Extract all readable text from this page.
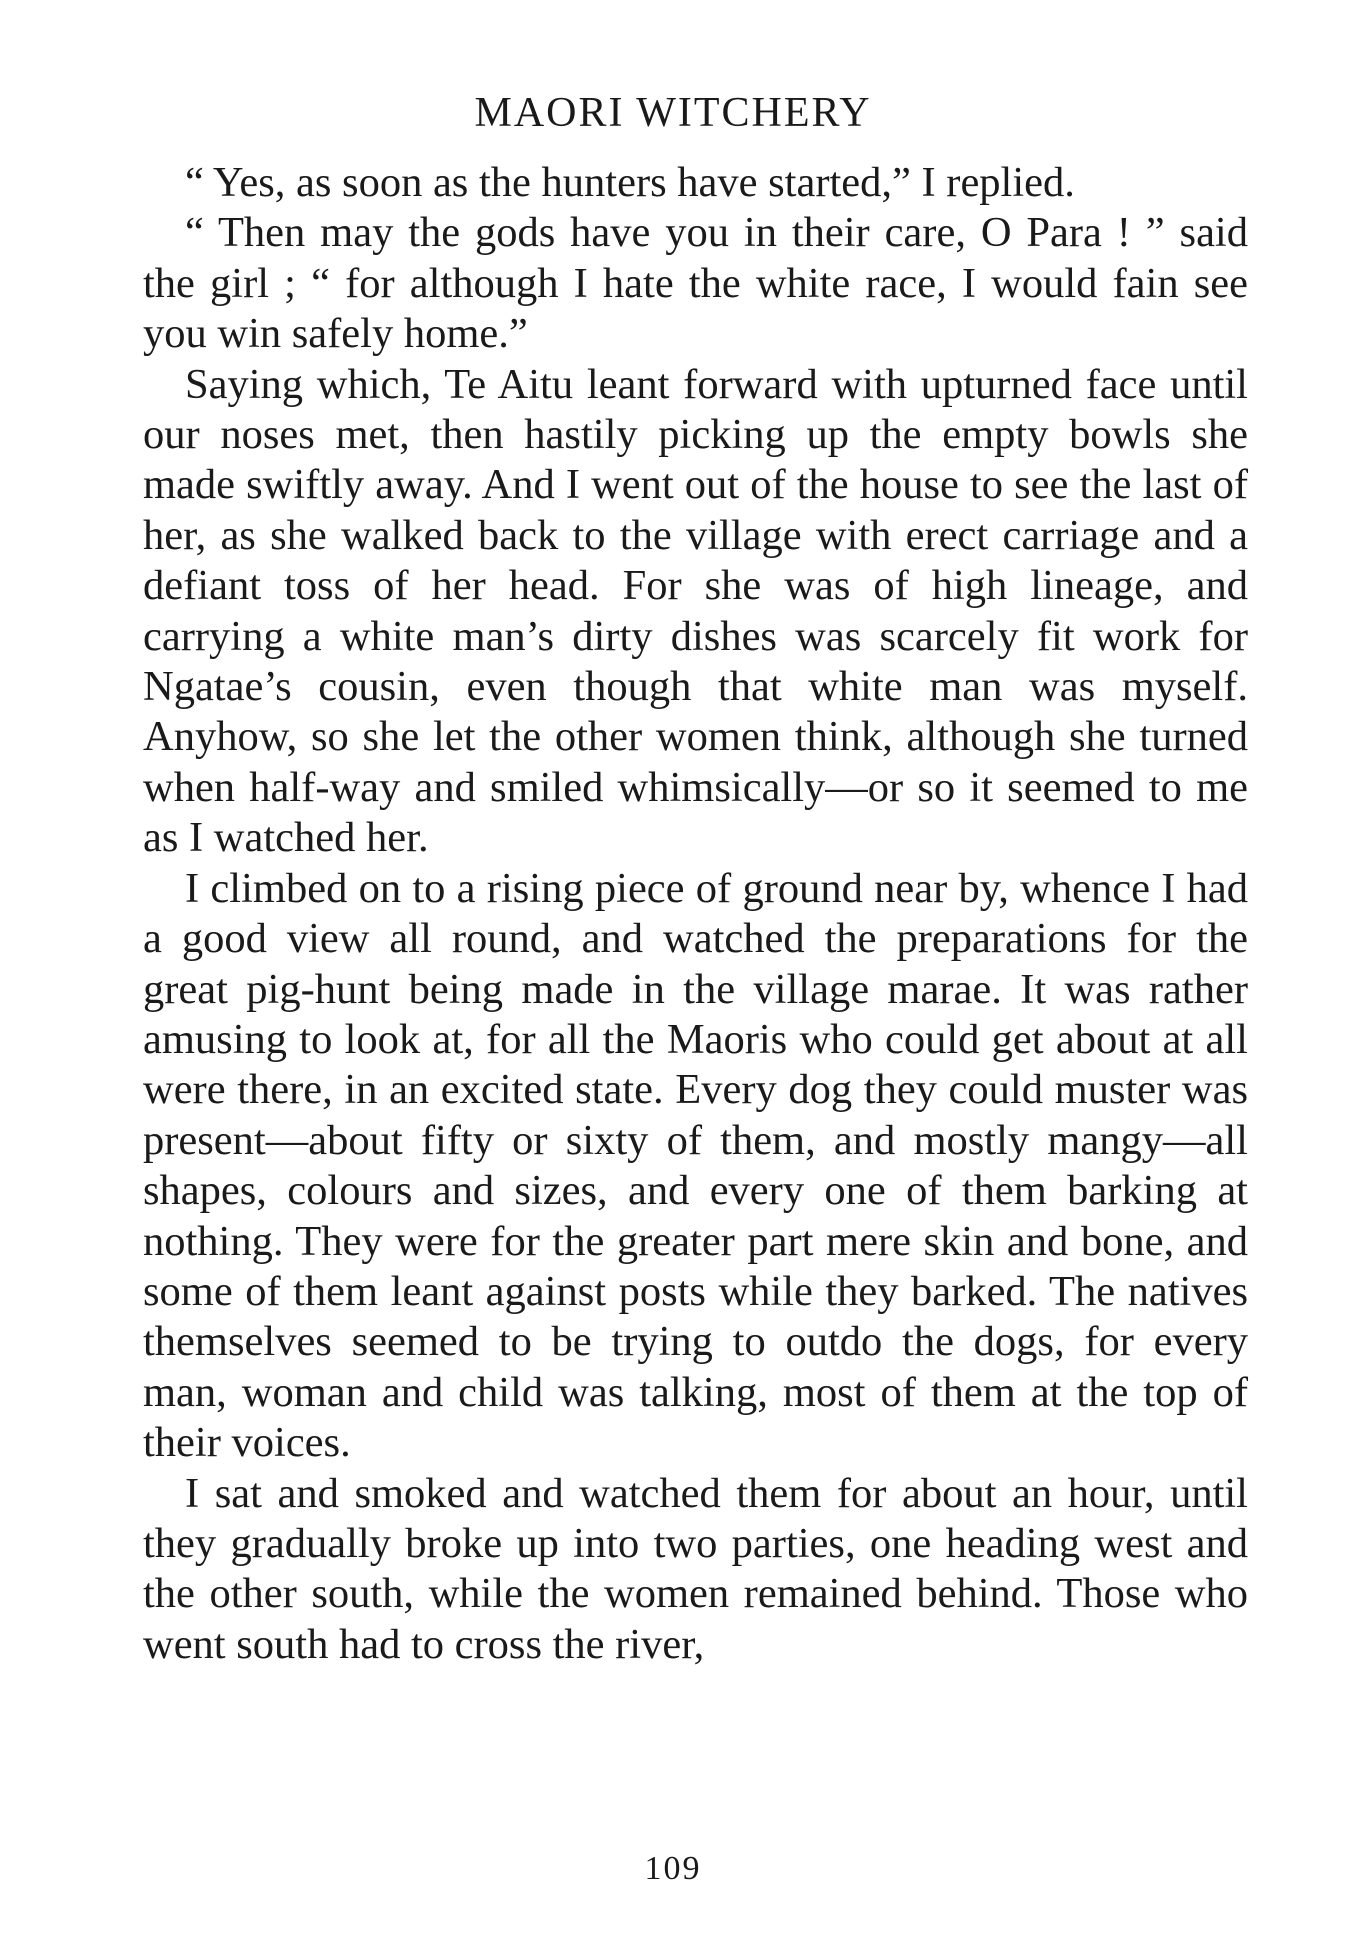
MAORI WITCHERY

“ Yes, as soon as the hunters have started,” I replied.

“ Then may the gods have you in their care, O Para ! ” said the girl ; “ for although I hate the white race, I would fain see you win safely home.”

Saying which, Te Aitu leant forward with upturned face until our noses met, then hastily picking up the empty bowls she made swiftly away. And I went out of the house to see the last of her, as she walked back to the village with erect carriage and a defiant toss of her head. For she was of high lineage, and carrying a white man’s dirty dishes was scarcely fit work for Ngatae’s cousin, even though that white man was myself. Anyhow, so she let the other women think, although she turned when half-way and smiled whimsically—or so it seemed to me as I watched her.

I climbed on to a rising piece of ground near by, whence I had a good view all round, and watched the preparations for the great pig-hunt being made in the village marae. It was rather amusing to look at, for all the Maoris who could get about at all were there, in an excited state. Every dog they could muster was present—about fifty or sixty of them, and mostly mangy—all shapes, colours and sizes, and every one of them barking at nothing. They were for the greater part mere skin and bone, and some of them leant against posts while they barked. The natives themselves seemed to be trying to outdo the dogs, for every man, woman and child was talking, most of them at the top of their voices.

I sat and smoked and watched them for about an hour, until they gradually broke up into two parties, one heading west and the other south, while the women remained behind. Those who went south had to cross the river,

109
